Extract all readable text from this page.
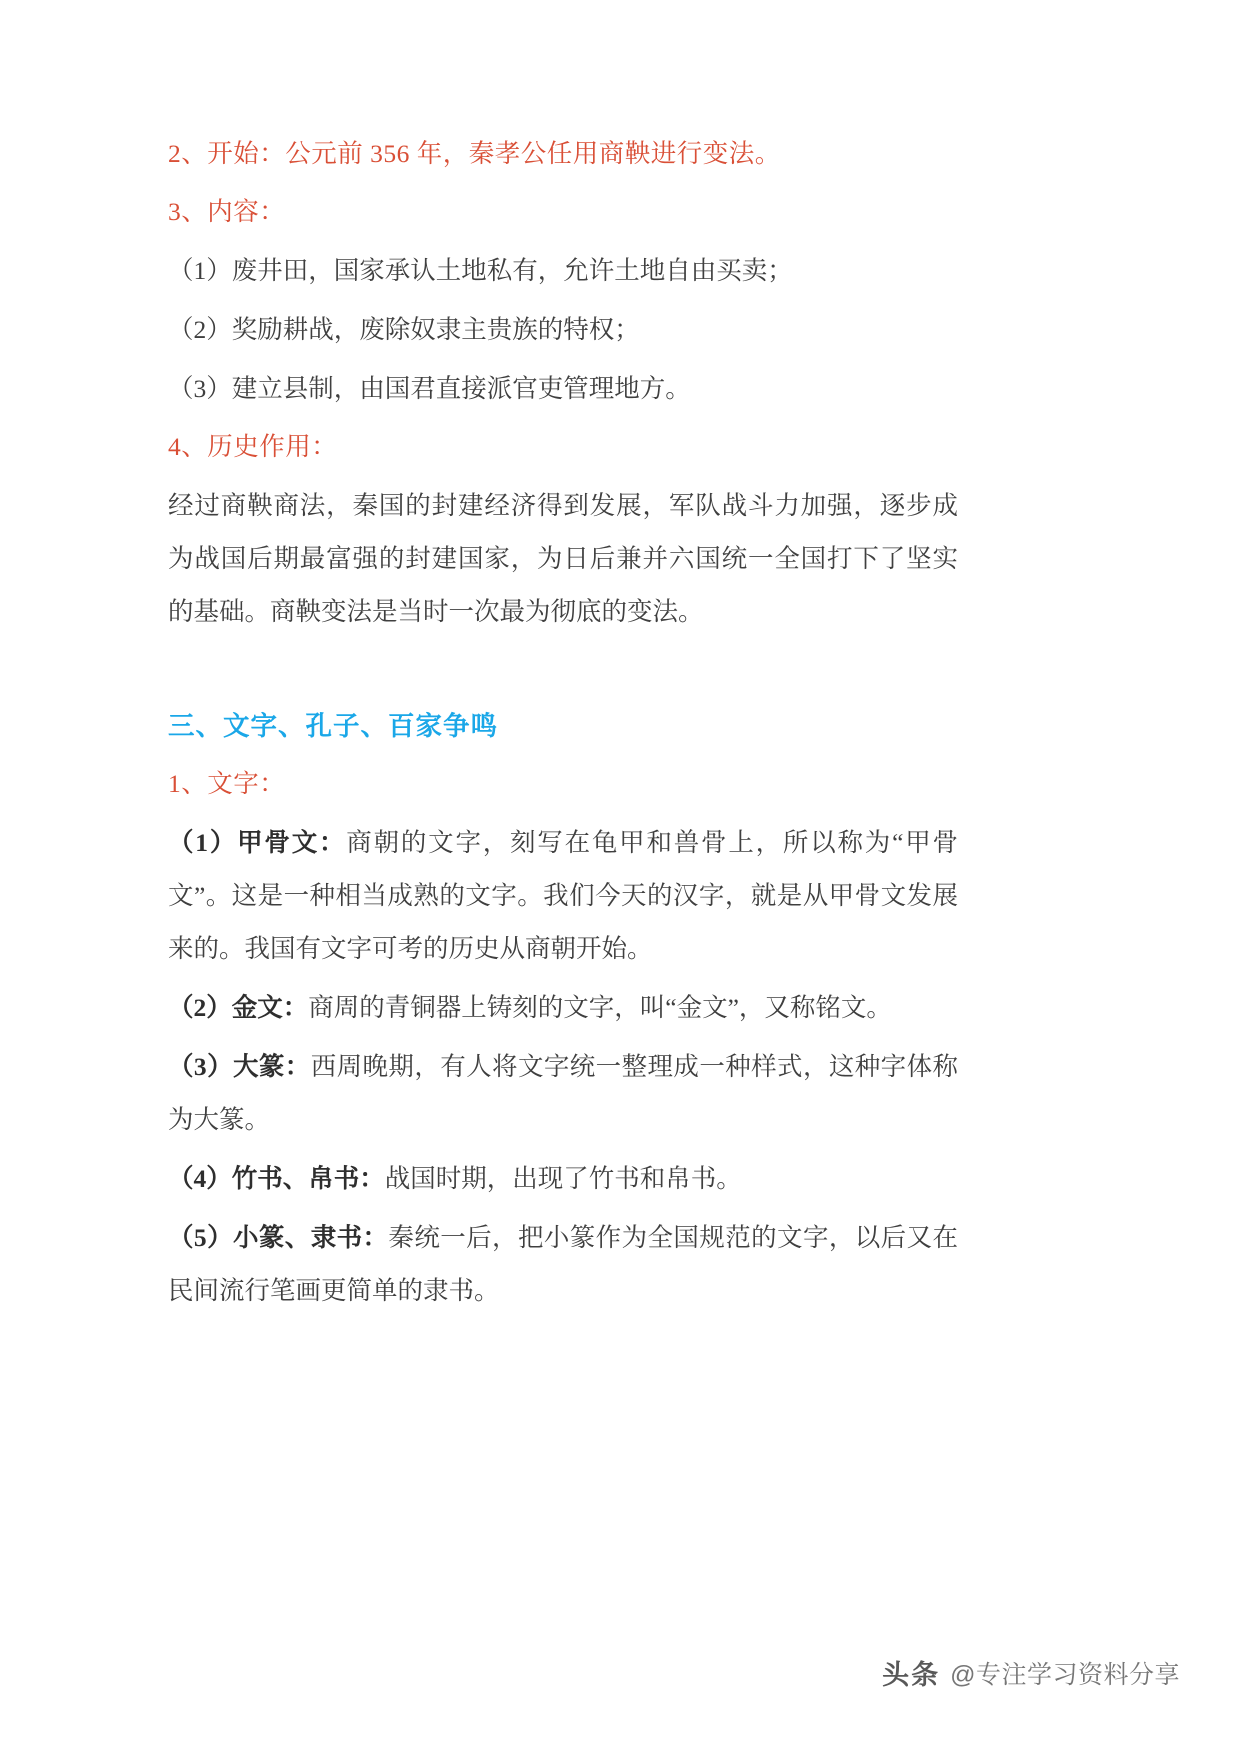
2、开始：公元前 356 年，秦孝公任用商鞅进行变法。

3、内容：

（1）废井田，国家承认土地私有，允许土地自由买卖；

（2）奖励耕战，废除奴隶主贵族的特权；

（3）建立县制，由国君直接派官吏管理地方。

4、历史作用：

经过商鞅商法，秦国的封建经济得到发展，军队战斗力加强，逐步成为战国后期最富强的封建国家，为日后兼并六国统一全国打下了坚实的基础。商鞅变法是当时一次最为彻底的变法。

三、文字、孔子、百家争鸣

1、文字：

（1）甲骨文：商朝的文字，刻写在龟甲和兽骨上，所以称为“甲骨文”。这是一种相当成熟的文字。我们今天的汉字，就是从甲骨文发展来的。我国有文字可考的历史从商朝开始。

（2）金文：商周的青铜器上铸刻的文字，叫“金文”，又称铭文。

（3）大篆：西周晚期，有人将文字统一整理成一种样式，这种字体称为大篆。

（4）竹书、帛书：战国时期，出现了竹书和帛书。

（5）小篆、隶书：秦统一后，把小篆作为全国规范的文字，以后又在民间流行笔画更简单的隶书。

头条 @专注学习资料分享
